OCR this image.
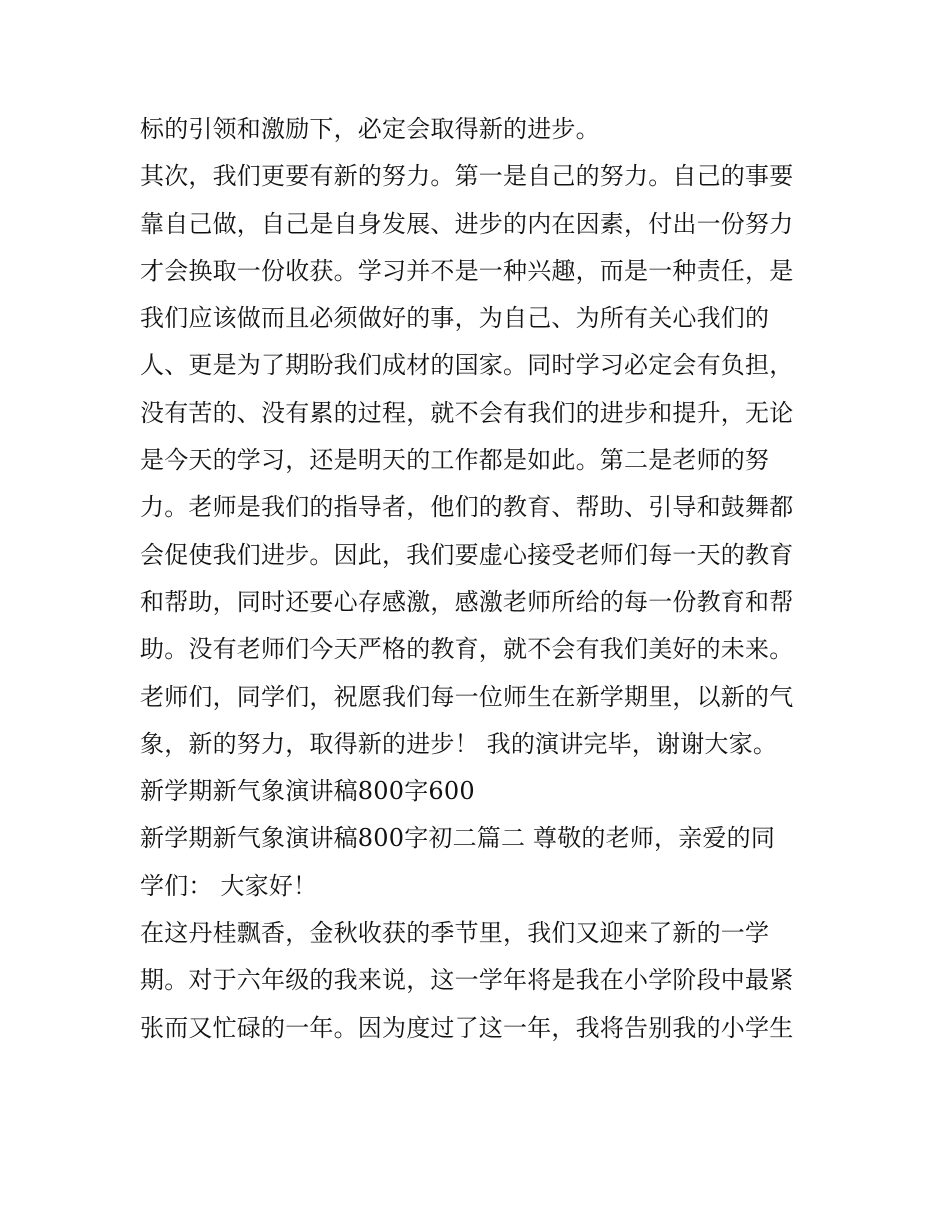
标的引领和激励下，必定会取得新的进步。
其次，我们更要有新的努力。第一是自己的努力。自己的事要
靠自己做，自己是自身发展、进步的内在因素，付出一份努力
才会换取一份收获。学习并不是一种兴趣，而是一种责任，是
我们应该做而且必须做好的事，为自己、为所有关心我们的
人、更是为了期盼我们成材的国家。同时学习必定会有负担，
没有苦的、没有累的过程，就不会有我们的进步和提升，无论
是今天的学习，还是明天的工作都是如此。第二是老师的努
力。老师是我们的指导者，他们的教育、帮助、引导和鼓舞都
会促使我们进步。因此，我们要虚心接受老师们每一天的教育
和帮助，同时还要心存感激，感激老师所给的每一份教育和帮
助。没有老师们今天严格的教育，就不会有我们美好的未来。
老师们，同学们，祝愿我们每一位师生在新学期里，以新的气
象，新的努力，取得新的进步！ 我的演讲完毕，谢谢大家。
新学期新气象演讲稿800字600
新学期新气象演讲稿800字初二篇二 尊敬的老师，亲爱的同
学们： 大家好！
在这丹桂飘香，金秋收获的季节里，我们又迎来了新的一学
期。对于六年级的我来说，这一学年将是我在小学阶段中最紧
张而又忙碌的一年。因为度过了这一年，我将告别我的小学生
